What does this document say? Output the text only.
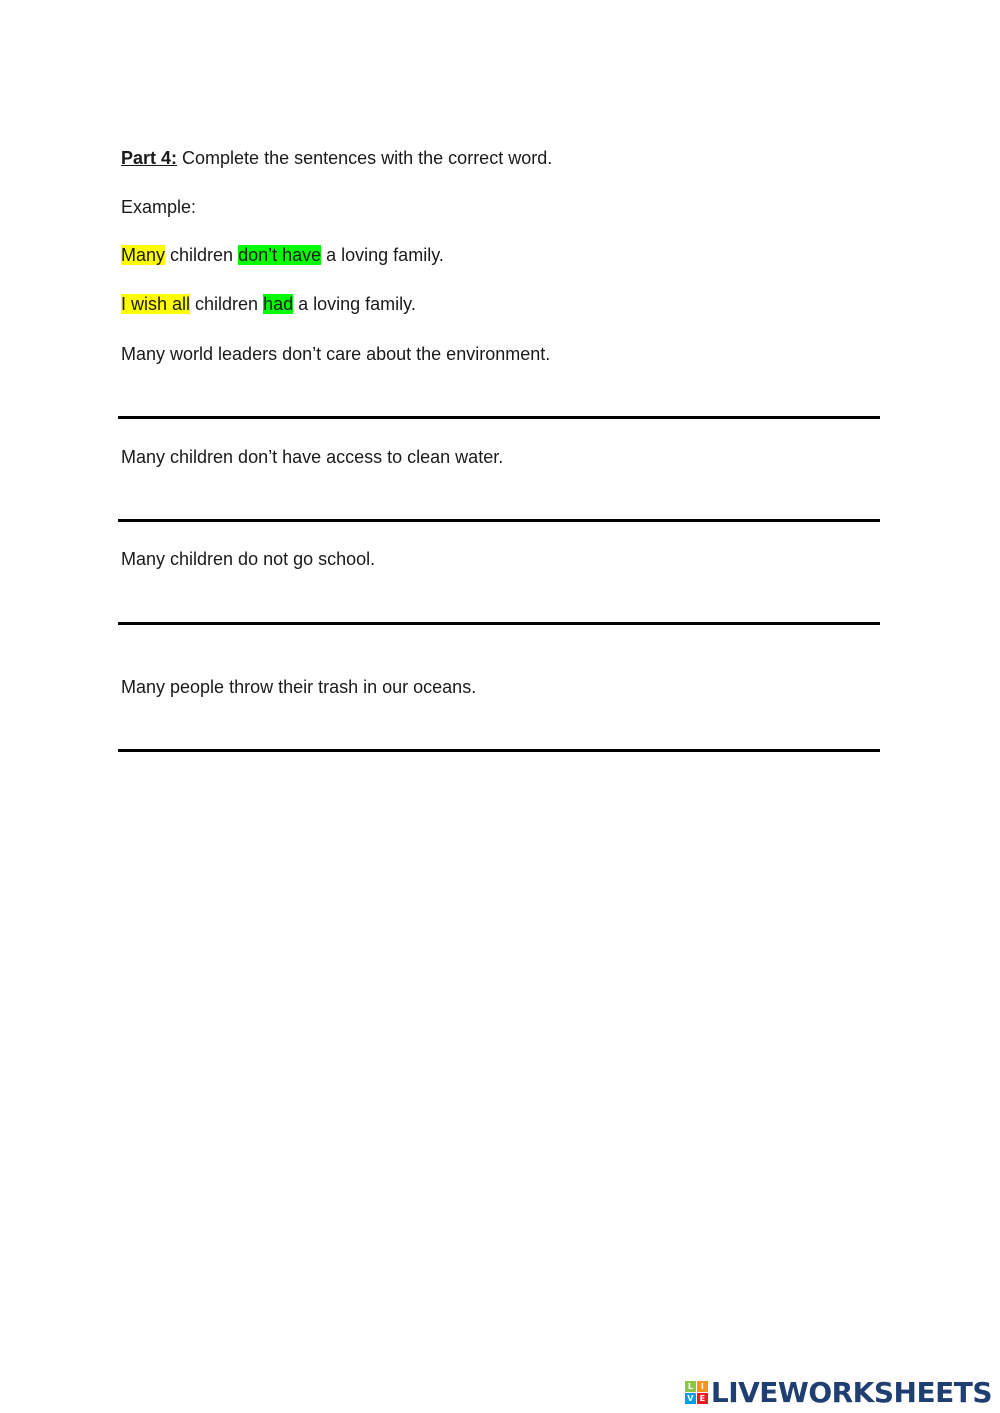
Part 4: Complete the sentences with the correct word.
Example:
Many children don’t have a loving family.
I wish all children had a loving family.
Many world leaders don’t care about the environment.
Many children don’t have access to clean water.
Many children do not go school.
Many people throw their trash in our oceans.
L I
V E LIVEWORKSHEETS
